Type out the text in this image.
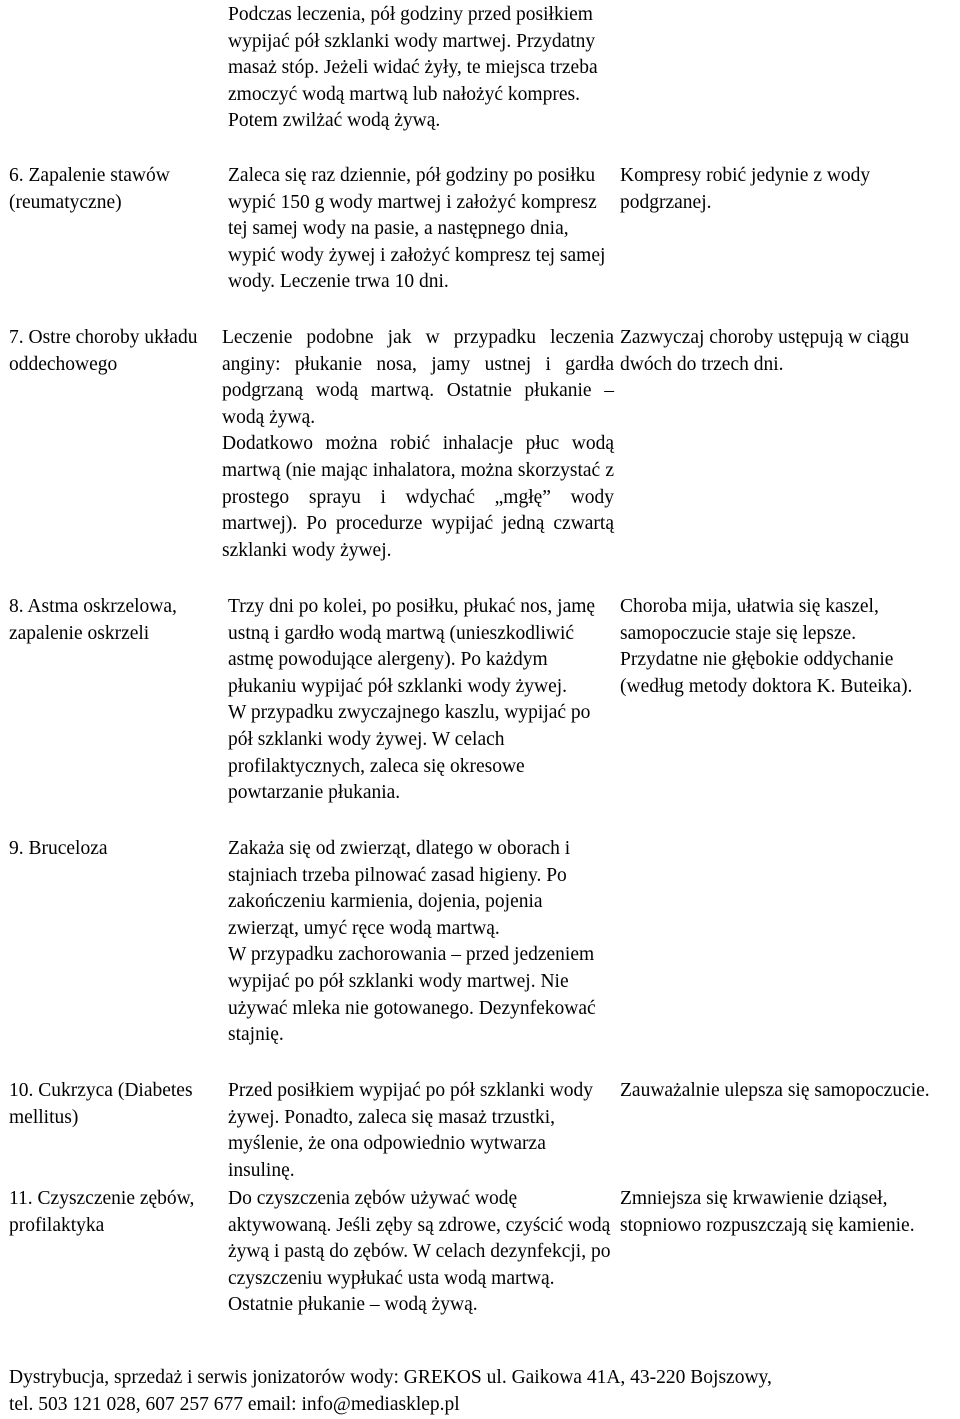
Podczas leczenia, pół godziny przed posiłkiem wypijać pół szklanki wody martwej. Przydatny masaż stóp. Jeżeli widać żyły, te miejsca trzeba zmoczyć wodą martwą lub nałożyć kompres. Potem zwilżać wodą żywą.
6. Zapalenie stawów (reumatyczne)
Zaleca się raz dziennie, pół godziny po posiłku wypić 150 g wody martwej i założyć kompresz tej samej wody na pasie, a następnego dnia, wypić wody żywej i założyć kompresz tej samej wody. Leczenie trwa 10 dni.
Kompresy robić jedynie z wody podgrzanej.
7. Ostre choroby układu oddechowego
Leczenie podobne jak w przypadku leczenia anginy: płukanie nosa, jamy ustnej i gardła podgrzaną wodą martwą. Ostatnie płukanie – wodą żywą.
Dodatkowo można robić inhalacje płuc wodą martwą (nie mając inhalatora, można skorzystać z prostego sprayu i wdychać „mgłę” wody martwej). Po procedurze wypijać jedną czwartą szklanki wody żywej.
Zazwyczaj choroby ustępują w ciągu dwóch do trzech dni.
8. Astma oskrzelowa, zapalenie oskrzeli
Trzy dni po kolei, po posiłku, płukać nos, jamę ustną i gardło wodą martwą (unieszkodliwić astmę powodujące alergeny). Po każdym płukaniu wypijać pół szklanki wody żywej.
W przypadku zwyczajnego kaszlu, wypijać po pół szklanki wody żywej. W celach profilaktycznych, zaleca się okresowe powtarzanie płukania.
Choroba mija, ułatwia się kaszel, samopoczucie staje się lepsze.
Przydatne nie głębokie oddychanie (według metody doktora K. Buteika).
9. Bruceloza	Zakaża się od zwierząt, dlatego w oborach i stajniach trzeba pilnować zasad higieny. Po zakończeniu karmienia, dojenia, pojenia zwierząt, umyć ręce wodą martwą.
W przypadku zachorowania – przed jedzeniem wypijać po pół szklanki wody martwej. Nie używać mleka nie gotowanego. Dezynfekować stajnię.
10. Cukrzyca (Diabetes mellitus)
Przed posiłkiem wypijać po pół szklanki wody żywej. Ponadto, zaleca się masaż trzustki, myślenie, że ona odpowiednio wytwarza insulinę.
Zauważalnie ulepsza się samopoczucie.
11. Czyszczenie zębów, profilaktyka
Do czyszczenia zębów używać wodę aktywowaną. Jeśli zęby są zdrowe, czyścić wodą żywą i pastą do zębów. W celach dezynfekcji, po czyszczeniu wypłukać usta wodą martwą. Ostatnie płukanie – wodą żywą.
Zmniejsza się krwawienie dziąseł, stopniowo rozpuszczają się kamienie.
Dystrybucja, sprzedaż i serwis jonizatorów wody: GREKOS ul. Gaikowa 41A, 43-220 Bojszowy,
tel. 503 121 028, 607 257 677 email: info@mediasklep.pl
